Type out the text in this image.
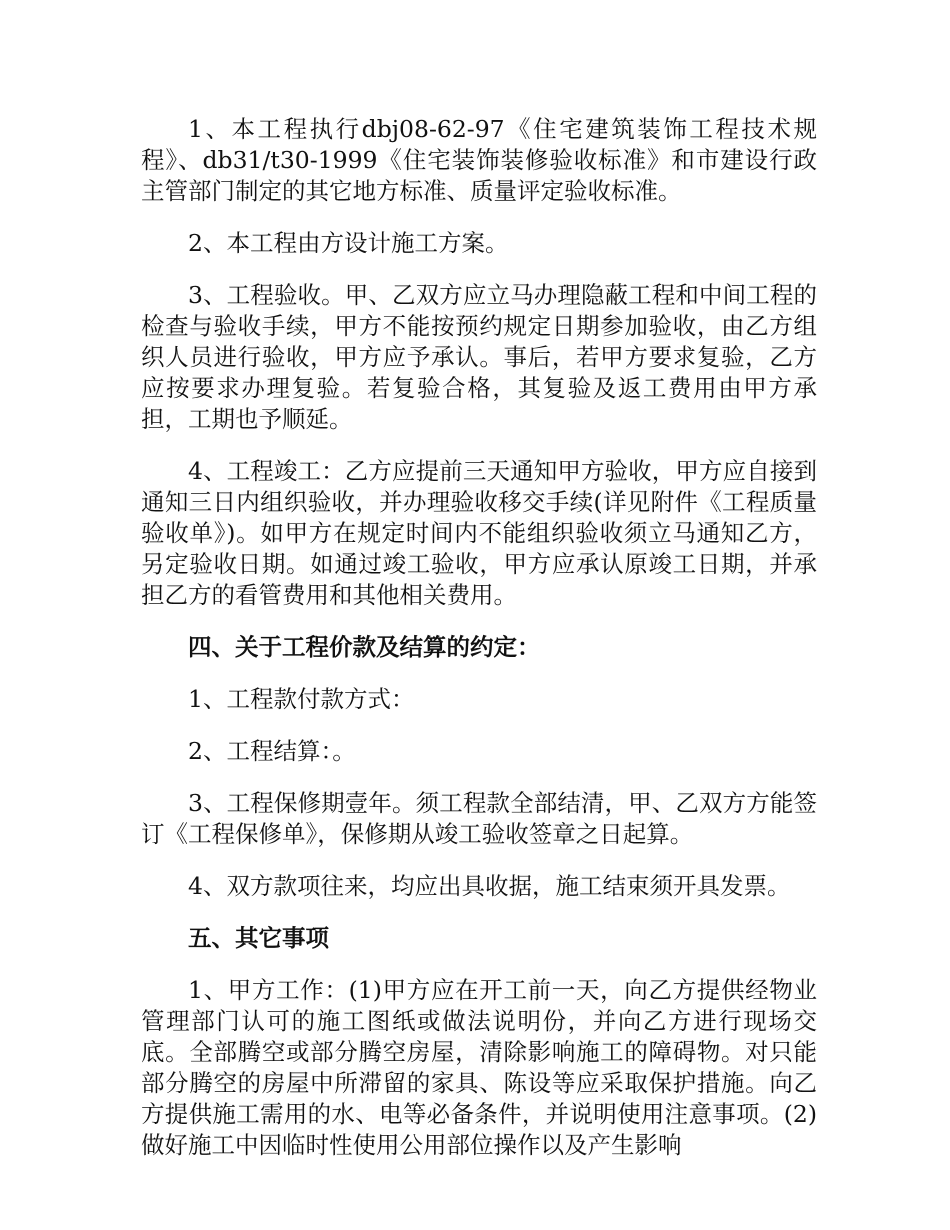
1、本工程执行dbj08-62-97《住宅建筑装饰工程技术规程》、db31/t30-1999《住宅装饰装修验收标准》和市建设行政主管部门制定的其它地方标准、质量评定验收标准。

2、本工程由方设计施工方案。

3、工程验收。甲、乙双方应立马办理隐蔽工程和中间工程的检查与验收手续，甲方不能按预约规定日期参加验收，由乙方组织人员进行验收，甲方应予承认。事后，若甲方要求复验，乙方应按要求办理复验。若复验合格，其复验及返工费用由甲方承担，工期也予顺延。

4、工程竣工：乙方应提前三天通知甲方验收，甲方应自接到通知三日内组织验收，并办理验收移交手续(详见附件《工程质量验收单》)。如甲方在规定时间内不能组织验收须立马通知乙方，另定验收日期。如通过竣工验收，甲方应承认原竣工日期，并承担乙方的看管费用和其他相关费用。

四、关于工程价款及结算的约定：

1、工程款付款方式：

2、工程结算：。

3、工程保修期壹年。须工程款全部结清，甲、乙双方方能签订《工程保修单》，保修期从竣工验收签章之日起算。

4、双方款项往来，均应出具收据，施工结束须开具发票。

五、其它事项

1、甲方工作：(1)甲方应在开工前一天，向乙方提供经物业管理部门认可的施工图纸或做法说明份，并向乙方进行现场交底。全部腾空或部分腾空房屋，清除影响施工的障碍物。对只能部分腾空的房屋中所滞留的家具、陈设等应采取保护措施。向乙方提供施工需用的水、电等必备条件，并说明使用注意事项。(2)做好施工中因临时性使用公用部位操作以及产生影响
